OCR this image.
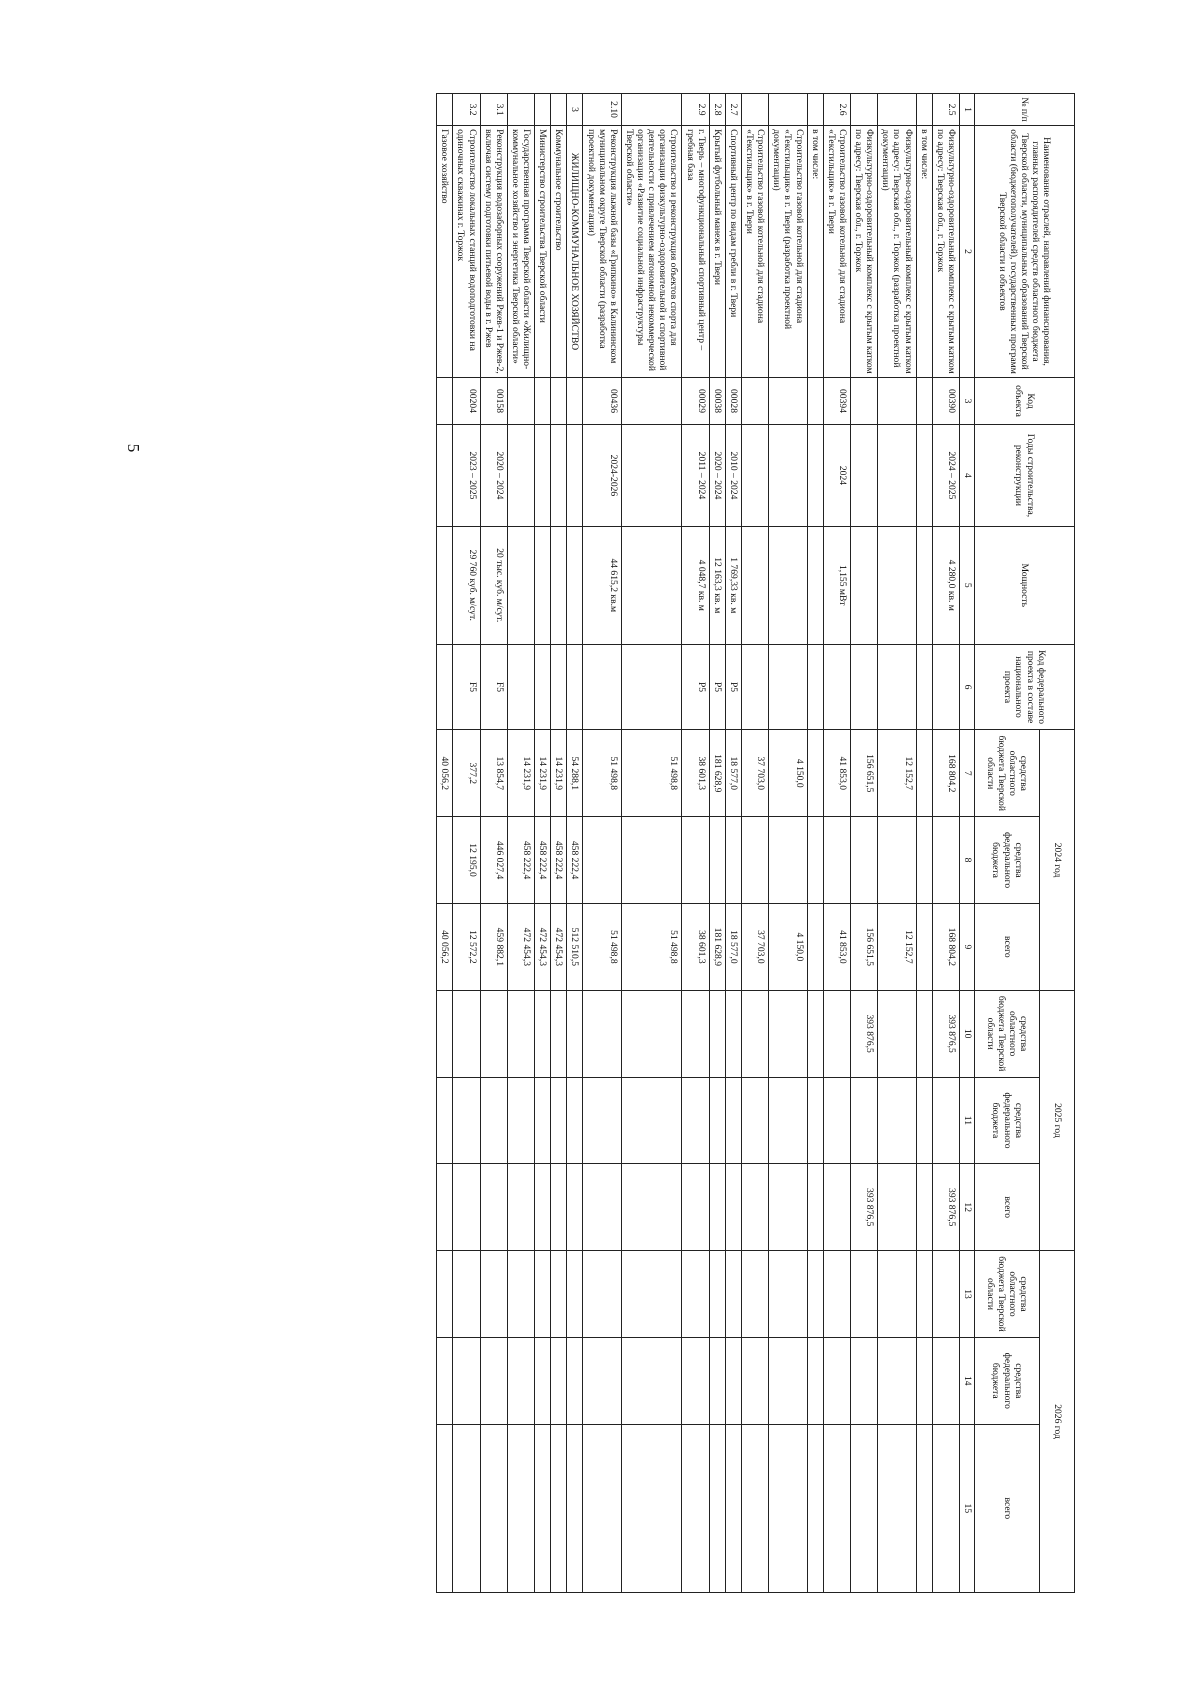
5
№ п/п	Наименование отраслей, направлений финансирования, главных распорядителей средств областного бюджета Тверской области, муниципальных образований Тверской области (бюджетополучателей), государственных программ Тверской области и объектов	Код объекта	Годы строительства, реконструкции	Мощность	Код федерального проекта в составе национального проекта	2024 год			2025 год			2026 год		
						средства областного бюджета Тверской области	средства федерального бюджета	всего	средства областного бюджета Тверской области	средства федерального бюджета	всего	средства областного бюджета Тверской области	средства федерального бюджета	всего
1	2	3	4	5	6	7	8	9	10	11	12	13	14	15
2.5	Физкультурно-оздоровительный комплекс с крытым катком по адресу: Тверская обл., г. Торжок	00390	2024 – 2025	4 280,0 кв. м		168 804,2		168 804,2	393 876,5		393 876,5			
	в том числе:													
	Физкультурно-оздоровительный комплекс с крытым катком по адресу: Тверская обл., г. Торжок (разработка проектной документации)					12 152,7		12 152,7						
	Физкультурно-оздоровительный комплекс с крытым катком по адресу: Тверская обл., г. Торжок					156 651,5		156 651,5	393 876,5		393 876,5			
2.6	Строительство газовой котельной для стадиона «Текстильщик» в г. Твери	00394	2024	1,155 мВт		41 853,0		41 853,0						
	в том числе:													
	Строительство газовой котельной для стадиона «Текстильщик» в г. Твери (разработка проектной документации)					4 150,0		4 150,0						
	Строительство газовой котельной для стадиона «Текстильщик» в г. Твери					37 703,0		37 703,0						
2.7	Спортивный центр по видам гребли в г. Твери	00028	2010 – 2024	1 769,33 кв. м	P5	18 577,0		18 577,0						
2.8	Крытый футбольный манеж в г. Твери	00038	2020 – 2024	12 163,3 кв. м	P5	181 628,9		181 628,9						
2.9	г. Тверь – многофункциональный спортивный центр – гребная база	00029	2011 – 2024	4 048,7 кв. м	P5	38 601,3		38 601,3						
	Строительство и реконструкция объектов спорта для организации физкультурно-оздоровительной и спортивной деятельности с привлечением автономной некоммерческой организации «Развитие социальной инфраструктуры Тверской области»					51 498,8		51 498,8						
2.10	Реконструкция лыжной базы «Грипкино» в Калининском муниципальном округе Тверской области (разработка проектной документации)	00436	2024-2026	44 615,2 кв.м		51 498,8		51 498,8						
3	ЖИЛИЩНО-КОММУНАЛЬНОЕ ХОЗЯЙСТВО					54 288,1	458 222,4	512 510,5						
	Коммунальное строительство					14 231,9	458 222,4	472 454,3						
	Министерство строительства Тверской области					14 231,9	458 222,4	472 454,3						
	Государственная программа Тверской области «Жилищно-коммунальное хозяйство и энергетика Тверской области»					14 231,9	458 222,4	472 454,3						
3.1	Реконструкция водозаборных сооружений Ржев-1 и Ржев-2, включая систему подготовки питьевой воды в г. Ржев	00158	2020 – 2024	20 тыс. куб. м/сут.	F5	13 854,7	446 027,4	459 882,1						
3.2	Строительство локальных станций водоподготовки на одиночных скважинах г. Торжок	00204	2023 – 2025	29 760 куб. м/сут.	F5	377,2	12 195,0	12 572,2						
	Газовое хозяйство					40 056,2		40 056,2						
